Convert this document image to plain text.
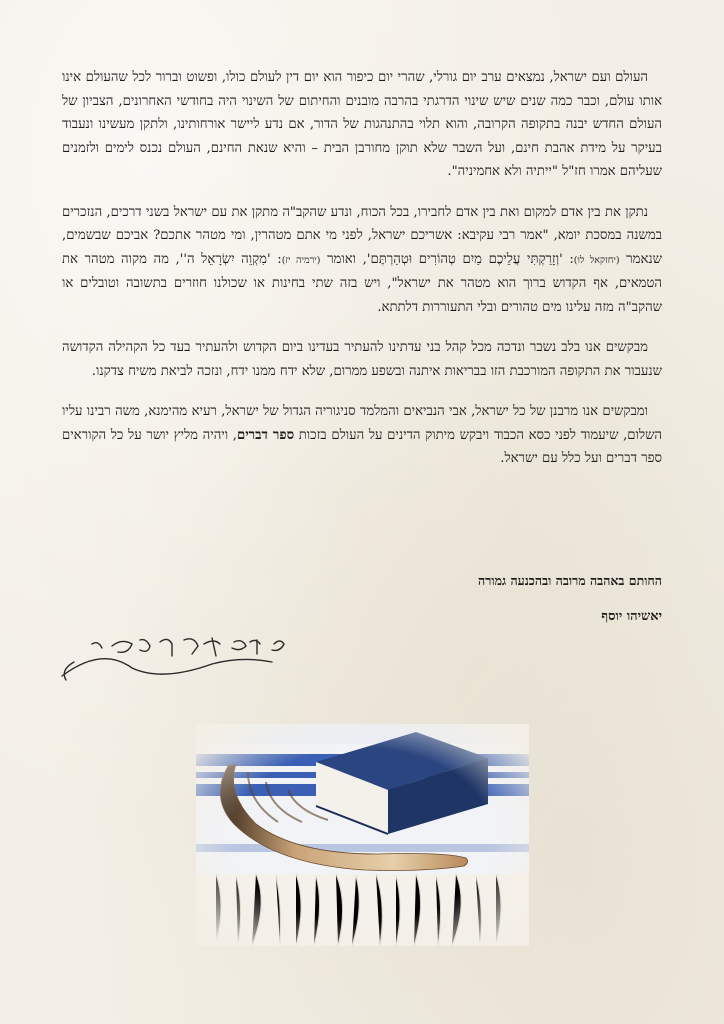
העולם ועם ישראל, נמצאים ערב יום גורלי, שהרי יום כיפור הוא יום דין לעולם כולו, ופשוט וברור לכל שהעולם אינו אותו עולם, וכבר כמה שנים שיש שינוי הדרגתי בהרבה מובנים והחיתום של השינוי היה בחודשי האחרונים, הצביון של העולם החדש יבנה בתקופה הקרובה, והוא תלוי בהתנהגות של הדור, אם נדע ליישר אורחותינו, ולתקן מעשינו ונעבוד בעיקר על מידת אהבת חינם, ועל השבר שלא תוקן מחורבן הבית – והיא שנאת החינם, העולם נכנס לימים ולזמנים שעליהם אמרו חז"ל "ייתיה ולא אחמיניה".

נתקן את בין אדם למקום ואת בין אדם לחבירו, בכל הכוח, ונדע שהקב"ה מתקן את עם ישראל בשני דרכים, הנזכרים במשנה במסכת יומא, "אמר רבי עקיבא: אשריכם ישראל, לפני מי אתם מטהרין, ומי מטהר אתכם? אביכם שבשמים, שנאמר (יחזקאל לו): 'וְזָרַקְתִּי עֲלֵיכֶם מַיִם טְהוֹרִים וּטְהַרְתֶּם', ואומר (ירמיה יז): 'מִקְוֵה יִשְׂרָאֵל ה'', מה מקוה מטהר את הטמאים, אף הקדוש ברוך הוא מטהר את ישראל", ויש בזה שתי בחינות או שכולנו חוזרים בתשובה וטובלים או שהקב"ה מזה עלינו מים טהורים ובלי התעוררות דלתתא.

מבקשים אנו בלב נשבר ונדכה מכל קהל בני עדתינו להעתיר בעדינו ביום הקדוש ולהעתיר בעד כל הקהילה הקדושה שנעבור את התקופה המורכבת הזו בבריאות איתנה ובשפע ממרום, שלא ידח ממנו ידח, ונזכה לביאת משיח צדקנו.

ומבקשים אנו מרבנן של כל ישראל, אבי הנביאים והמלמד סניגוריה הגדול של ישראל, רעיא מהימנא, משה רבינו עליו השלום, שיעמוד לפני כסא הכבוד ויבקש מיתוק הדינים על העולם בזכות ספר דברים, ויהיה מליץ יושר על כל הקוראים ספר דברים ועל כלל עם ישראל.

החותם באהבה מרובה ובהכנעה גמורה
יאשיהו יוסף
